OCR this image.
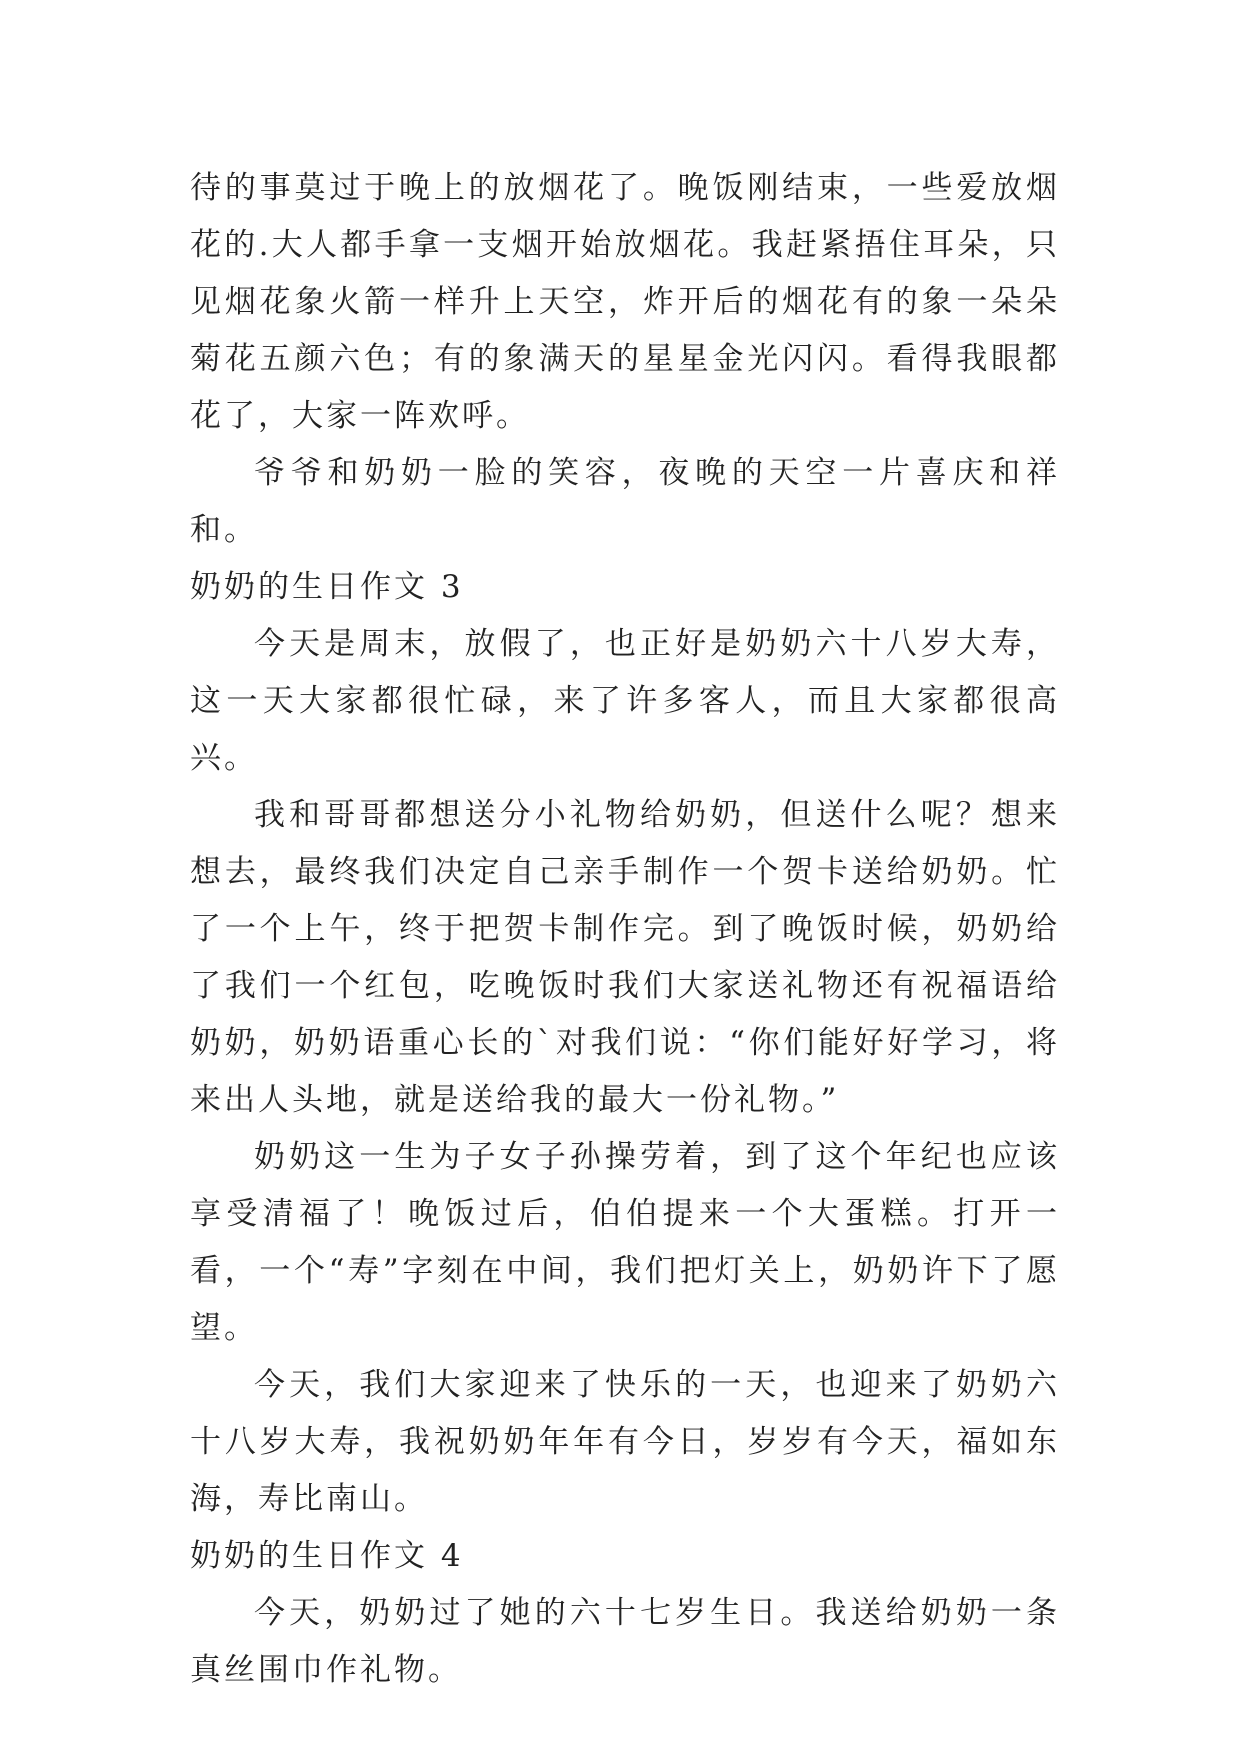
待的事莫过于晚上的放烟花了。晚饭刚结束，一些爱放烟花的.大人都手拿一支烟开始放烟花。我赶紧捂住耳朵，只见烟花象火箭一样升上天空，炸开后的烟花有的象一朵朵菊花五颜六色；有的象满天的星星金光闪闪。看得我眼都花了，大家一阵欢呼。

爷爷和奶奶一脸的笑容，夜晚的天空一片喜庆和祥和。

奶奶的生日作文 3

今天是周末，放假了，也正好是奶奶六十八岁大寿，这一天大家都很忙碌，来了许多客人，而且大家都很高兴。

我和哥哥都想送分小礼物给奶奶，但送什么呢？想来想去，最终我们决定自己亲手制作一个贺卡送给奶奶。忙了一个上午，终于把贺卡制作完。到了晚饭时候，奶奶给了我们一个红包，吃晚饭时我们大家送礼物还有祝福语给奶奶，奶奶语重心长的`对我们说：“你们能好好学习，将来出人头地，就是送给我的最大一份礼物。”

奶奶这一生为子女子孙操劳着，到了这个年纪也应该享受清福了！晚饭过后，伯伯提来一个大蛋糕。打开一看，一个“寿”字刻在中间，我们把灯关上，奶奶许下了愿望。

今天，我们大家迎来了快乐的一天，也迎来了奶奶六十八岁大寿，我祝奶奶年年有今日，岁岁有今天，福如东海，寿比南山。

奶奶的生日作文 4

今天，奶奶过了她的六十七岁生日。我送给奶奶一条真丝围巾作礼物。
